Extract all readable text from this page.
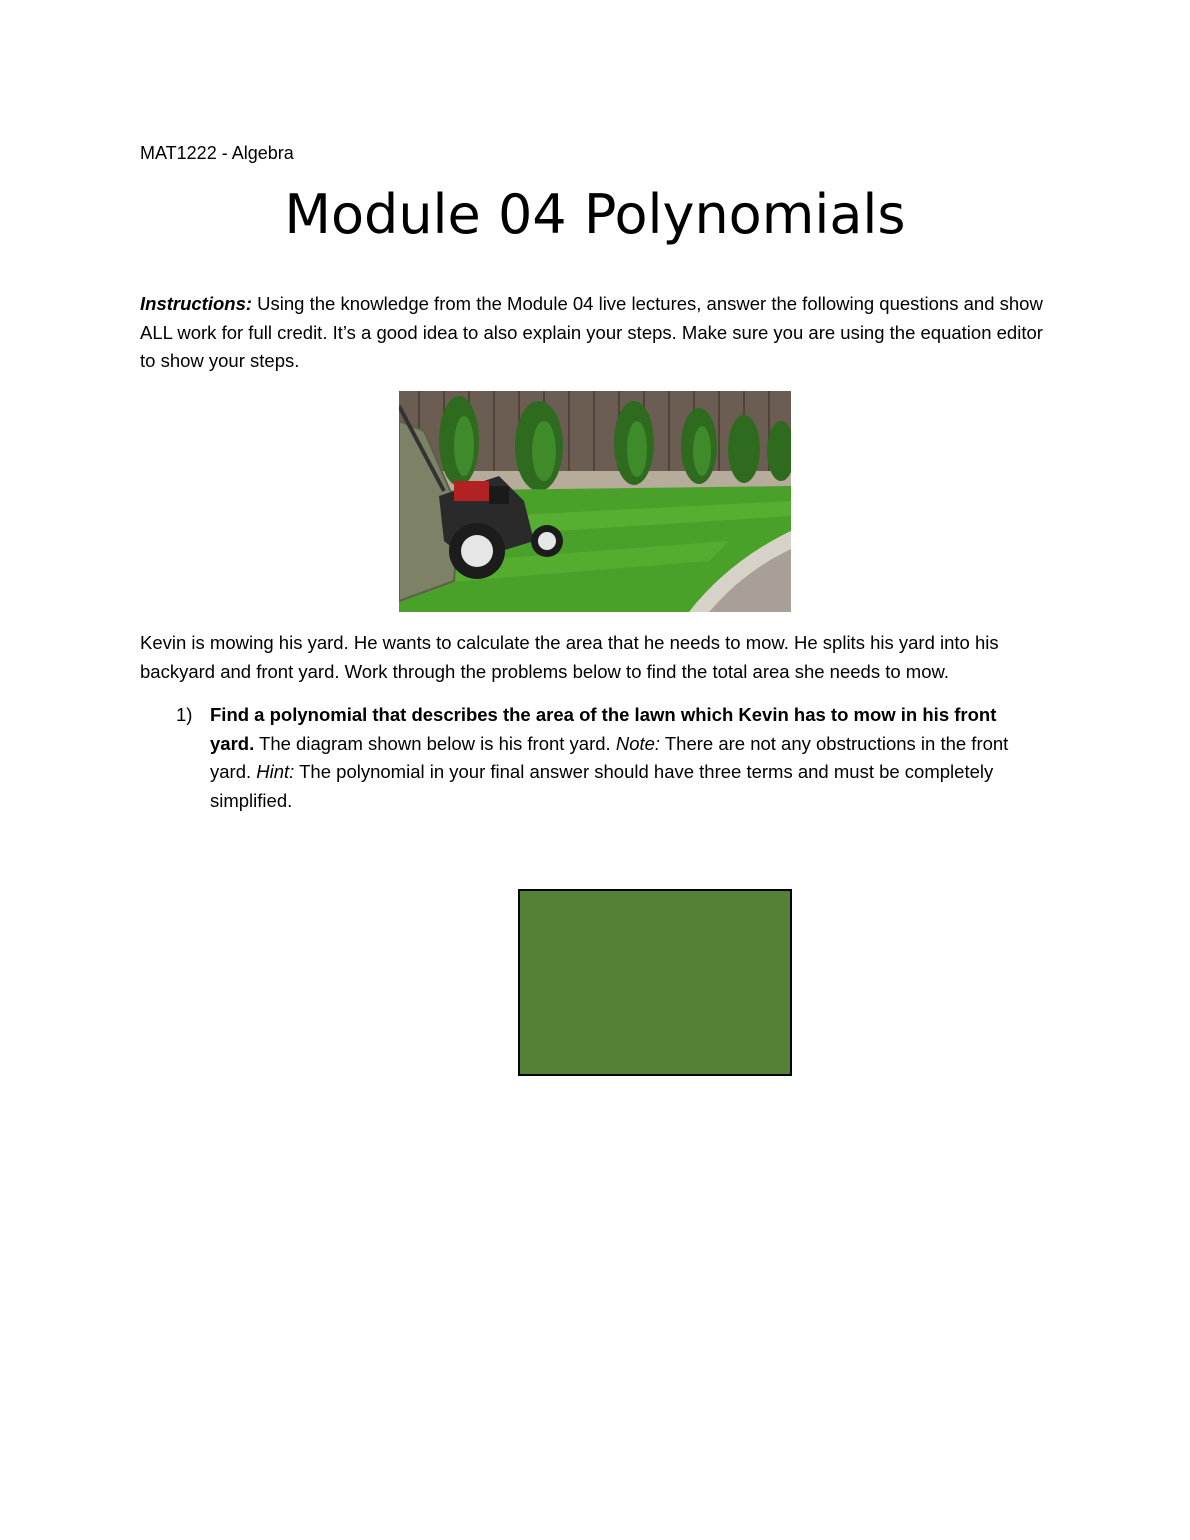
MAT1222 - Algebra
Module 04 Polynomials
Instructions: Using the knowledge from the Module 04 live lectures, answer the following questions and show ALL work for full credit. It’s a good idea to also explain your steps. Make sure you are using the equation editor to show your steps.
Kevin is mowing his yard. He wants to calculate the area that he needs to mow. He splits his yard into his backyard and front yard. Work through the problems below to find the total area she needs to mow.
1) Find a polynomial that describes the area of the lawn which Kevin has to mow in his front yard. The diagram shown below is his front yard. Note: There are not any obstructions in the front yard. Hint: The polynomial in your final answer should have three terms and must be completely simplified.
